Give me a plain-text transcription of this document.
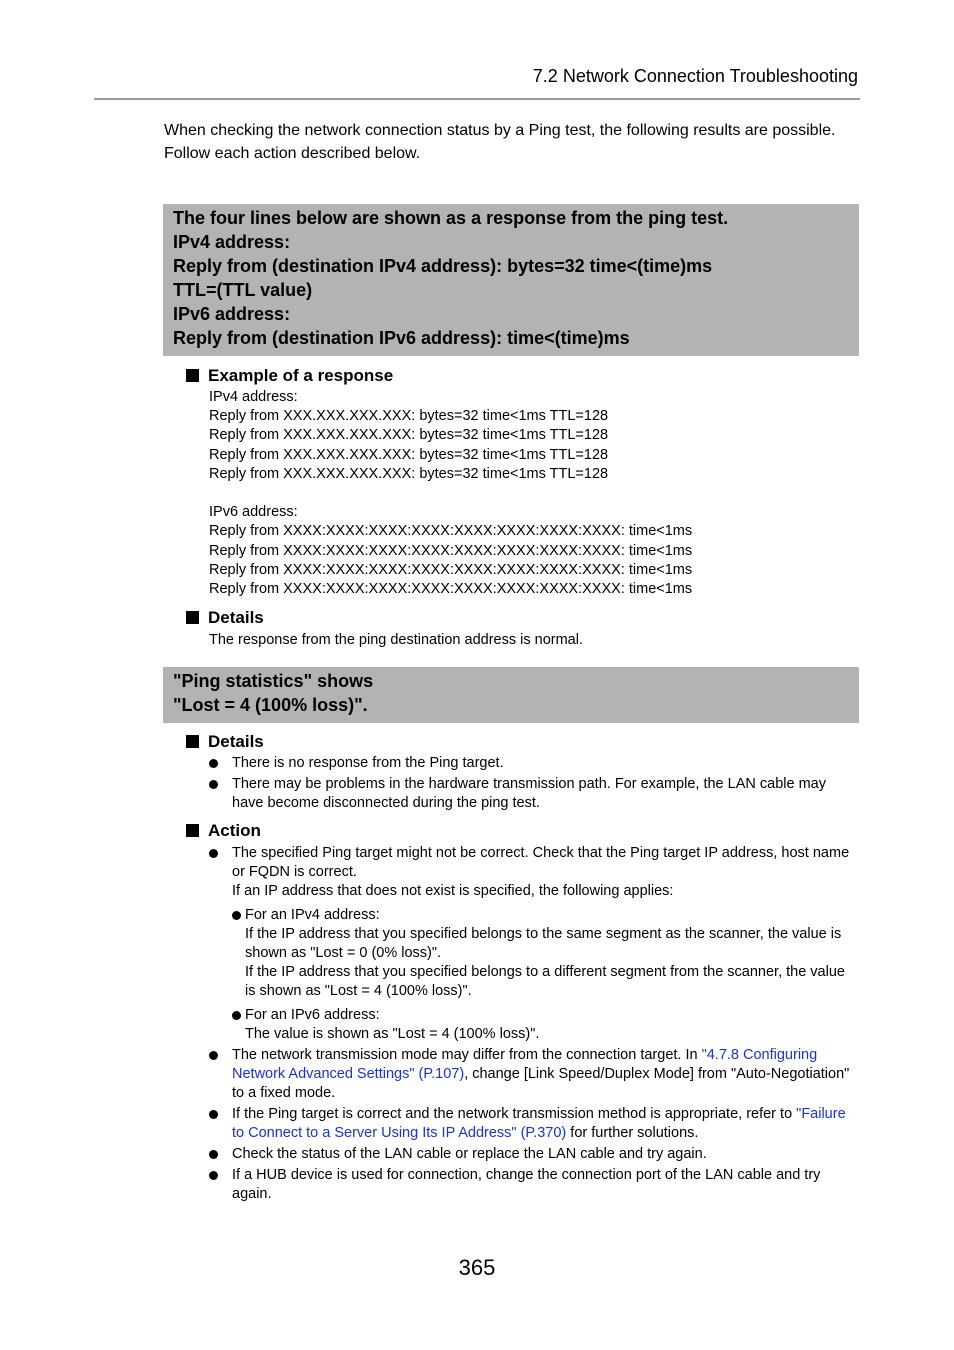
7.2 Network Connection Troubleshooting

When checking the network connection status by a Ping test, the following results are possible.

Follow each action described below.

The four lines below are shown as a response from the ping test.

IPv4 address:

Reply from (destination IPv4 address): bytes=32 time<(time)ms

TTL=(TTL value)

IPv6 address:

Reply from (destination IPv6 address): time<(time)ms

Example of a response
IPv4 address:
Reply from XXX.XXX.XXX.XXX: bytes=32 time<1ms TTL=128
Reply from XXX.XXX.XXX.XXX: bytes=32 time<1ms TTL=128
Reply from XXX.XXX.XXX.XXX: bytes=32 time<1ms TTL=128
Reply from XXX.XXX.XXX.XXX: bytes=32 time<1ms TTL=128
IPv6 address:
Reply from XXXX:XXXX:XXXX:XXXX:XXXX:XXXX:XXXX:XXXX: time<1ms
Reply from XXXX:XXXX:XXXX:XXXX:XXXX:XXXX:XXXX:XXXX: time<1ms
Reply from XXXX:XXXX:XXXX:XXXX:XXXX:XXXX:XXXX:XXXX: time<1ms
Reply from XXXX:XXXX:XXXX:XXXX:XXXX:XXXX:XXXX:XXXX: time<1ms
Details
The response from the ping destination address is normal.

"Ping statistics" shows

"Lost = 4 (100% loss)".

Details
There is no response from the Ping target.
There may be problems in the hardware transmission path. For example, the LAN cable may have become disconnected during the ping test.
Action
The specified Ping target might not be correct. Check that the Ping target IP address, host name or FQDN is correct.
If an IP address that does not exist is specified, the following applies:
For an IPv4 address:
If the IP address that you specified belongs to the same segment as the scanner, the value is shown as "Lost = 0 (0% loss)".
If the IP address that you specified belongs to a different segment from the scanner, the value is shown as "Lost = 4 (100% loss)".
For an IPv6 address:
The value is shown as "Lost = 4 (100% loss)".
The network transmission mode may differ from the connection target. In "4.7.8 Configuring Network Advanced Settings" (P.107), change [Link Speed/Duplex Mode] from "Auto-Negotiation" to a fixed mode.
If the Ping target is correct and the network transmission method is appropriate, refer to "Failure to Connect to a Server Using Its IP Address" (P.370) for further solutions.
Check the status of the LAN cable or replace the LAN cable and try again.
If a HUB device is used for connection, change the connection port of the LAN cable and try again.
365
